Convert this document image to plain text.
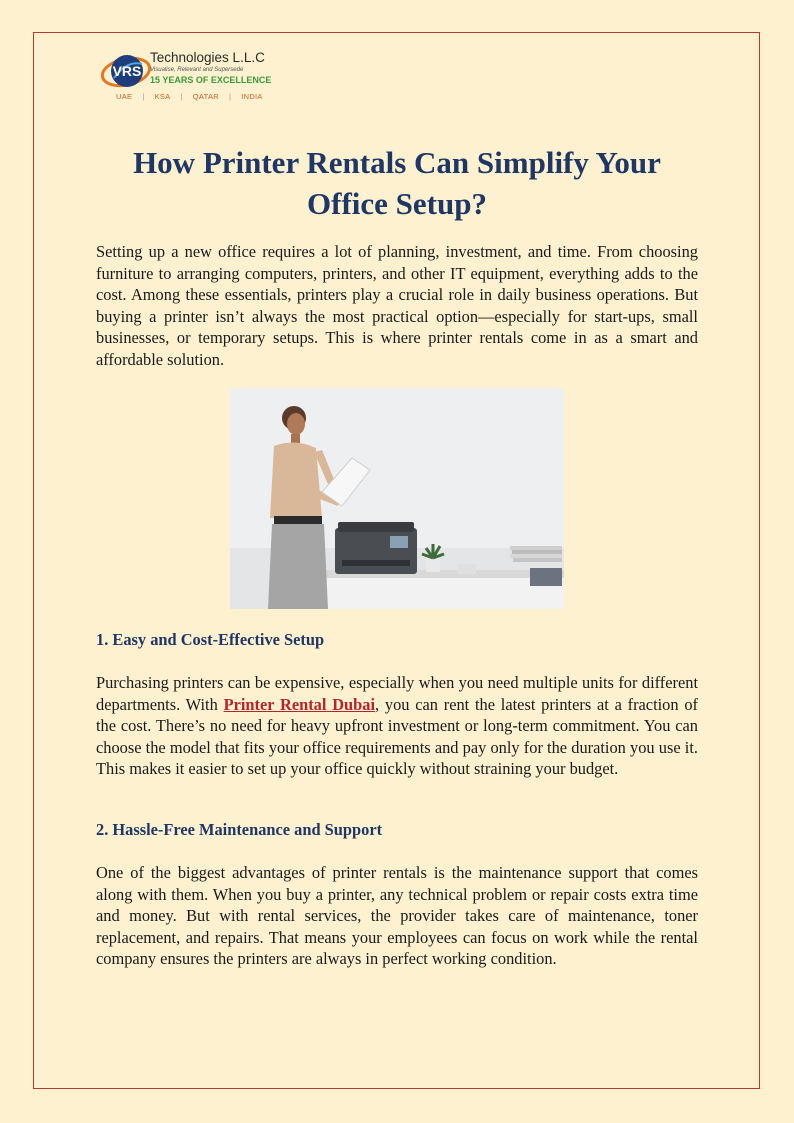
VRS
Technologies L.L.C
Visualise, Relevant and Supersede
15 YEARS OF EXCELLENCE
UAE | KSA | QATAR | INDIA
How Printer Rentals Can Simplify Your Office Setup?

Setting up a new office requires a lot of planning, investment, and time. From choosing furniture to arranging computers, printers, and other IT equipment, everything adds to the cost. Among these essentials, printers play a crucial role in daily business operations. But buying a printer isn’t always the most practical option—especially for start-ups, small businesses, or temporary setups. This is where printer rentals come in as a smart and affordable solution.

1. Easy and Cost-Effective Setup

Purchasing printers can be expensive, especially when you need multiple units for different departments. With Printer Rental Dubai, you can rent the latest printers at a fraction of the cost. There’s no need for heavy upfront investment or long-term commitment. You can choose the model that fits your office requirements and pay only for the duration you use it. This makes it easier to set up your office quickly without straining your budget.

2. Hassle-Free Maintenance and Support

One of the biggest advantages of printer rentals is the maintenance support that comes along with them. When you buy a printer, any technical problem or repair costs extra time and money. But with rental services, the provider takes care of maintenance, toner replacement, and repairs. That means your employees can focus on work while the rental company ensures the printers are always in perfect working condition.
